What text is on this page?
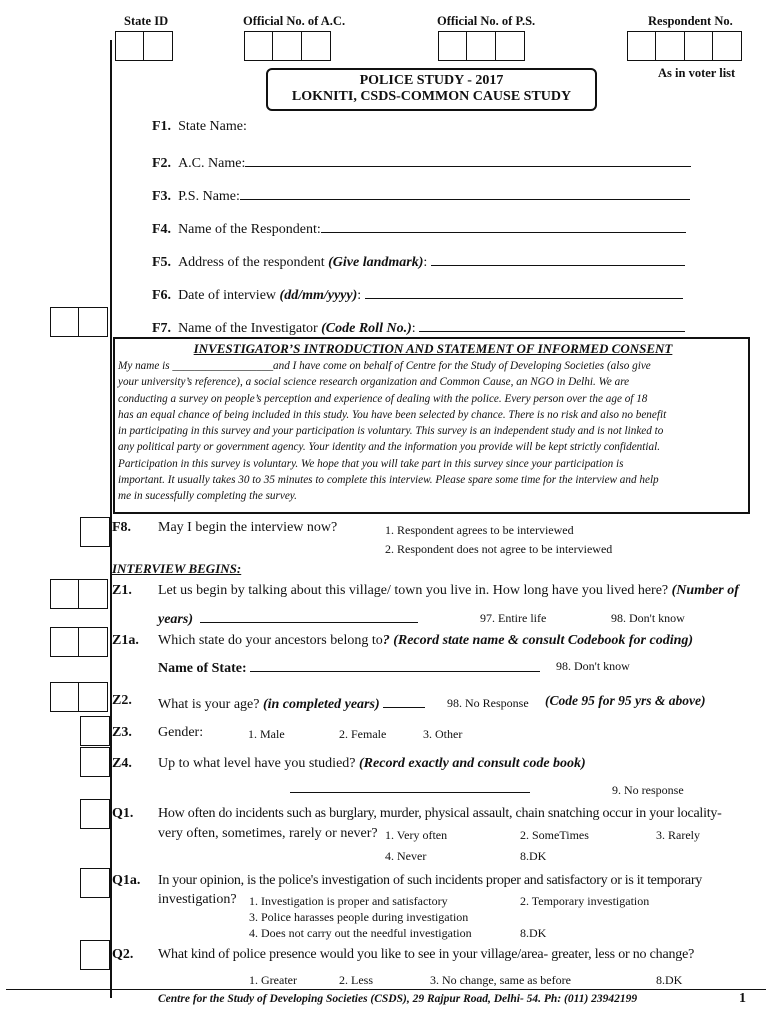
State ID	Official No. of A.C.	Official No. of P.S.	Respondent No.
As in voter list
POLICE STUDY - 2017
LOKNITI, CSDS-COMMON CAUSE STUDY
F1. State Name:
F2. A.C. Name:
F3. P.S. Name:
F4. Name of the Respondent:
F5. Address of the respondent (Give landmark):
F6. Date of interview (dd/mm/yyyy):
F7. Name of the Investigator (Code Roll No.):
INVESTIGATOR’S INTRODUCTION AND STATEMENT OF INFORMED CONSENT
My name is __________________and I have come on behalf of Centre for the Study of Developing Societies (also give
your university’s reference), a social science research organization and Common Cause, an NGO in Delhi. We are
conducting a survey on people’s perception and experience of dealing with the police. Every person over the age of 18
has an equal chance of being included in this study. You have been selected by chance. There is no risk and also no benefit
in participating in this survey and your participation is voluntary. This survey is an independent study and is not linked to
any political party or government agency. Your identity and the information you provide will be kept strictly confidential.
Participation in this survey is voluntary. We hope that you will take part in this survey since your participation is
important. It usually takes 30 to 35 minutes to complete this interview. Please spare some time for the interview and help
me in sucessfully completing the survey.
F8. May I begin the interview now?	1. Respondent agrees to be interviewed
2. Respondent does not agree to be interviewed
INTERVIEW BEGINS:
Z1. Let us begin by talking about this village/ town you live in. How long have you lived here? (Number of
years)	97. Entire life	98. Don't know
Z1a. Which state do your ancestors belong to? (Record state name & consult Codebook for coding)
Name of State:	98. Don't know
Z2. What is your age? (in completed years)	98. No Response (Code 95 for 95 yrs & above)
Z3. Gender:	1. Male	2. Female	3. Other
Z4. Up to what level have you studied? (Record exactly and consult code book)
9. No response
Q1. How often do incidents such as burglary, murder, physical assault, chain snatching occur in your locality-
very often, sometimes, rarely or never? 1. Very often	2. SomeTimes	3. Rarely
4. Never	8.DK
Q1a. In your opinion, is the police's investigation of such incidents proper and satisfactory or is it temporary
investigation? 1. Investigation is proper and satisfactory	2. Temporary investigation
3. Police harasses people during investigation
4. Does not carry out the needful investigation	8.DK
Q2. What kind of police presence would you like to see in your village/area- greater, less or no change?
1. Greater	2. Less	3. No change, same as before	8.DK
Centre for the Study of Developing Societies (CSDS), 29 Rajpur Road, Delhi- 54. Ph: (011) 23942199	1
